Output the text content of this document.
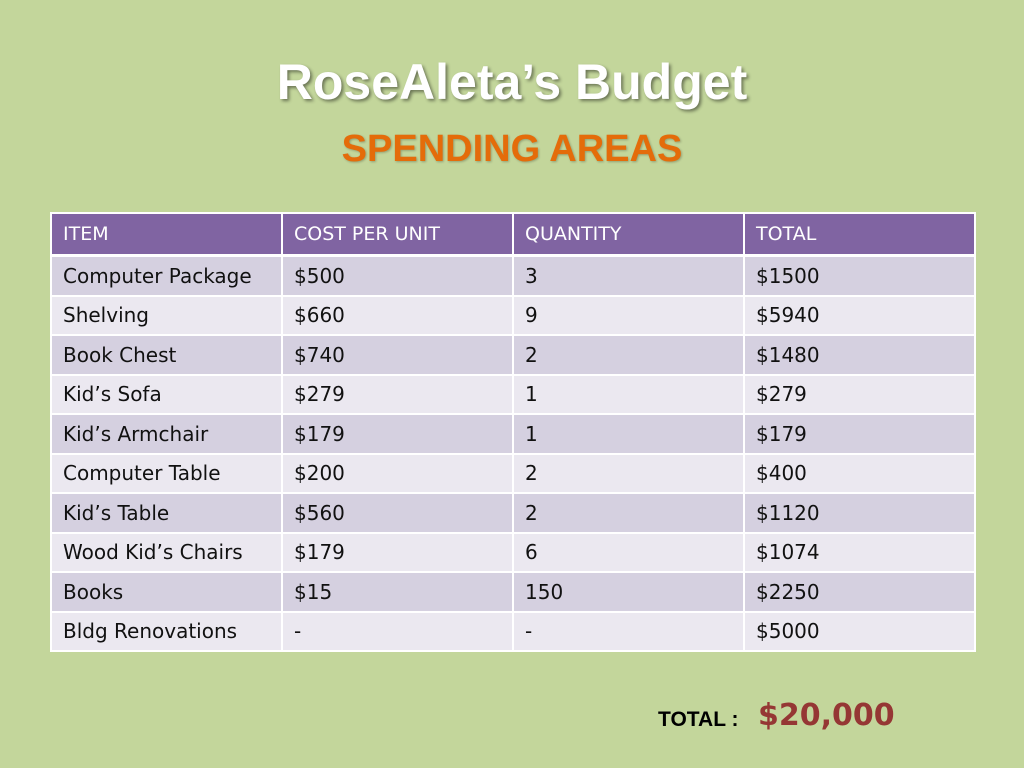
RoseAleta’s Budget
SPENDING AREAS
ITEM	COST PER UNIT	QUANTITY	TOTAL
Computer Package	$500	3	$1500
Shelving	$660	9	$5940
Book Chest	$740	2	$1480
Kid’s Sofa	$279	1	$279
Kid’s Armchair	$179	1	$179
Computer Table	$200	2	$400
Kid’s Table	$560	2	$1120
Wood Kid’s Chairs	$179	6	$1074
Books	$15	150	$2250
Bldg Renovations	-	-	$5000
TOTAL : $20,000
